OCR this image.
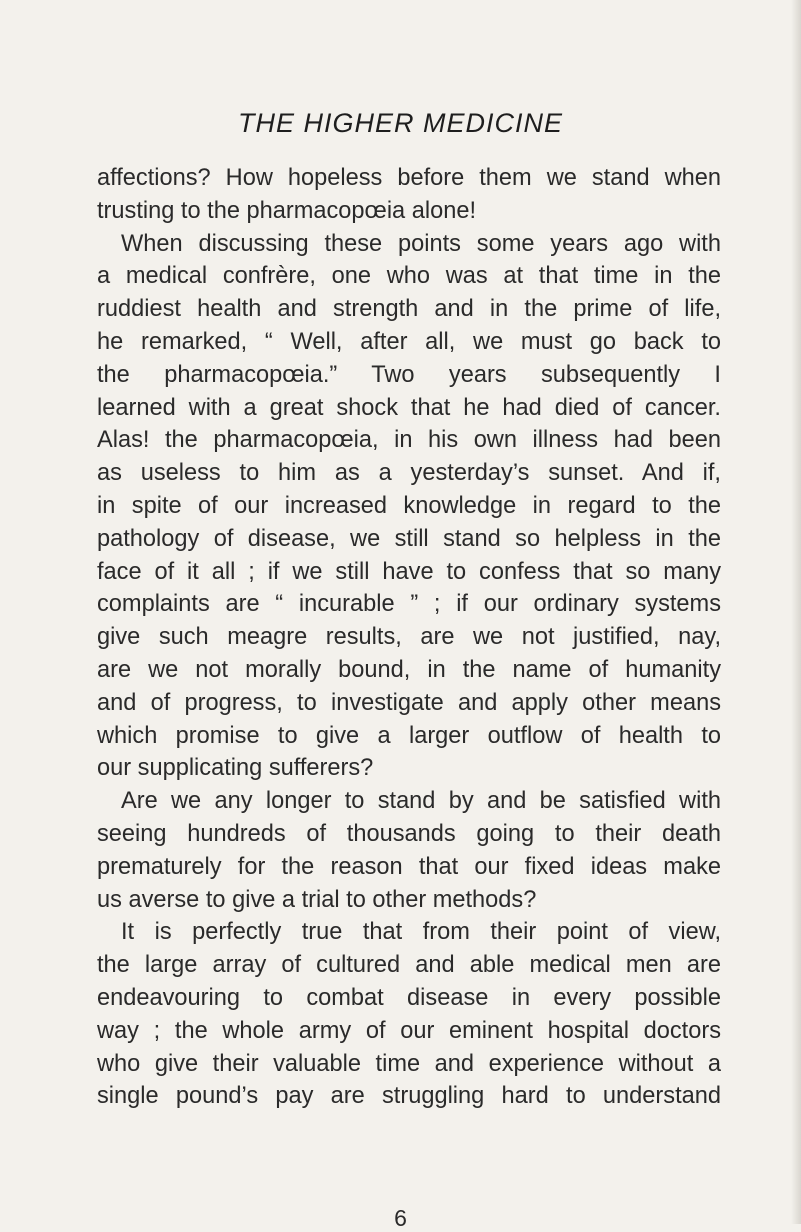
THE HIGHER MEDICINE
affections? How hopeless before them we stand when
trusting to the pharmacopœia alone!
When discussing these points some years ago with
a medical confrère, one who was at that time in the
ruddiest health and strength and in the prime of life,
he remarked, “ Well, after all, we must go back to
the pharmacopœia.” Two years subsequently I
learned with a great shock that he had died of cancer.
Alas! the pharmacopœia, in his own illness had been
as useless to him as a yesterday’s sunset. And if,
in spite of our increased knowledge in regard to the
pathology of disease, we still stand so helpless in the
face of it all ; if we still have to confess that so many
complaints are “ incurable ” ; if our ordinary systems
give such meagre results, are we not justified, nay,
are we not morally bound, in the name of humanity
and of progress, to investigate and apply other means
which promise to give a larger outflow of health to
our supplicating sufferers?
Are we any longer to stand by and be satisfied with
seeing hundreds of thousands going to their death
prematurely for the reason that our fixed ideas make
us averse to give a trial to other methods?
It is perfectly true that from their point of view,
the large array of cultured and able medical men are
endeavouring to combat disease in every possible
way ; the whole army of our eminent hospital doctors
who give their valuable time and experience without a
single pound’s pay are struggling hard to understand
6
